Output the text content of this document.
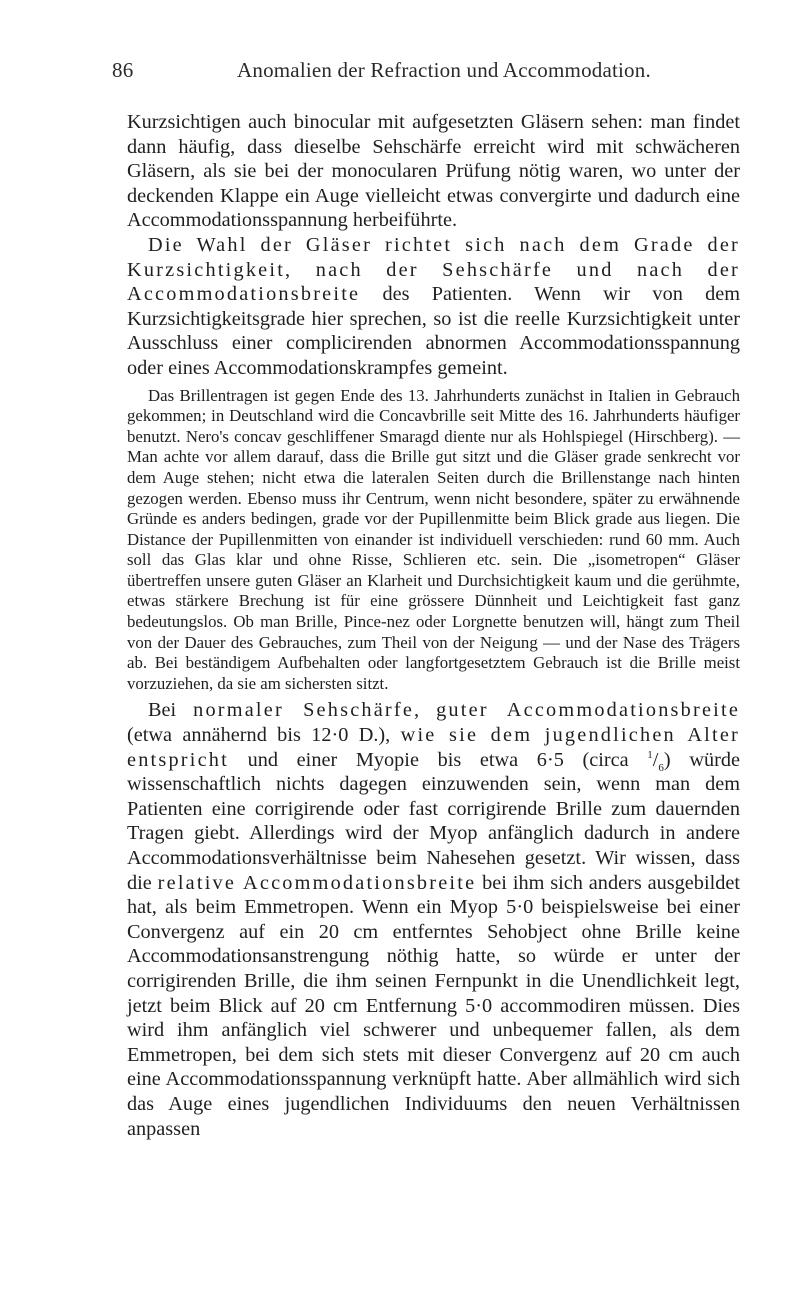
86	Anomalien der Refraction und Accommodation.

Kurzsichtigen auch binocular mit aufgesetzten Gläsern sehen: man findet dann häufig, dass dieselbe Sehschärfe erreicht wird mit schwächeren Gläsern, als sie bei der monocularen Prüfung nötig waren, wo unter der deckenden Klappe ein Auge vielleicht etwas convergirte und dadurch eine Accommodationsspannung herbeiführte.

Die Wahl der Gläser richtet sich nach dem Grade der Kurzsichtigkeit, nach der Sehschärfe und nach der Accommodationsbreite des Patienten. Wenn wir von dem Kurzsichtigkeitsgrade hier sprechen, so ist die reelle Kurzsichtigkeit unter Ausschluss einer complicirenden abnormen Accommodationsspannung oder eines Accommodationskrampfes gemeint.

Das Brillentragen ist gegen Ende des 13. Jahrhunderts zunächst in Italien in Gebrauch gekommen; in Deutschland wird die Concavbrille seit Mitte des 16. Jahrhunderts häufiger benutzt. Nero's concav geschliffener Smaragd diente nur als Hohlspiegel (Hirschberg). — Man achte vor allem darauf, dass die Brille gut sitzt und die Gläser grade senkrecht vor dem Auge stehen; nicht etwa die lateralen Seiten durch die Brillenstange nach hinten gezogen werden. Ebenso muss ihr Centrum, wenn nicht besondere, später zu erwähnende Gründe es anders bedingen, grade vor der Pupillenmitte beim Blick grade aus liegen. Die Distance der Pupillenmitten von einander ist individuell verschieden: rund 60 mm. Auch soll das Glas klar und ohne Risse, Schlieren etc. sein. Die „isometropen“ Gläser übertreffen unsere guten Gläser an Klarheit und Durchsichtigkeit kaum und die gerühmte, etwas stärkere Brechung ist für eine grössere Dünnheit und Leichtigkeit fast ganz bedeutungslos. Ob man Brille, Pince-nez oder Lorgnette benutzen will, hängt zum Theil von der Dauer des Gebrauches, zum Theil von der Neigung — und der Nase des Trägers ab. Bei beständigem Aufbehalten oder langfortgesetztem Gebrauch ist die Brille meist vorzuziehen, da sie am sichersten sitzt.

Bei normaler Sehschärfe, guter Accommodationsbreite (etwa annähernd bis 12·0 D.), wie sie dem jugendlichen Alter entspricht und einer Myopie bis etwa 6·5 (circa $^1/_6$) würde wissenschaftlich nichts dagegen einzuwenden sein, wenn man dem Patienten eine corrigirende oder fast corrigirende Brille zum dauernden Tragen giebt. Allerdings wird der Myop anfänglich dadurch in andere Accommodationsverhältnisse beim Nahesehen gesetzt. Wir wissen, dass die relative Accommodationsbreite bei ihm sich anders ausgebildet hat, als beim Emmetropen. Wenn ein Myop 5·0 beispielsweise bei einer Convergenz auf ein 20 cm entferntes Sehobject ohne Brille keine Accommodationsanstrengung nöthig hatte, so würde er unter der corrigirenden Brille, die ihm seinen Fernpunkt in die Unendlichkeit legt, jetzt beim Blick auf 20 cm Entfernung 5·0 accommodiren müssen. Dies wird ihm anfänglich viel schwerer und unbequemer fallen, als dem Emmetropen, bei dem sich stets mit dieser Convergenz auf 20 cm auch eine Accommodationsspannung verknüpft hatte. Aber allmählich wird sich das Auge eines jugendlichen Individuums den neuen Verhältnissen anpassen
